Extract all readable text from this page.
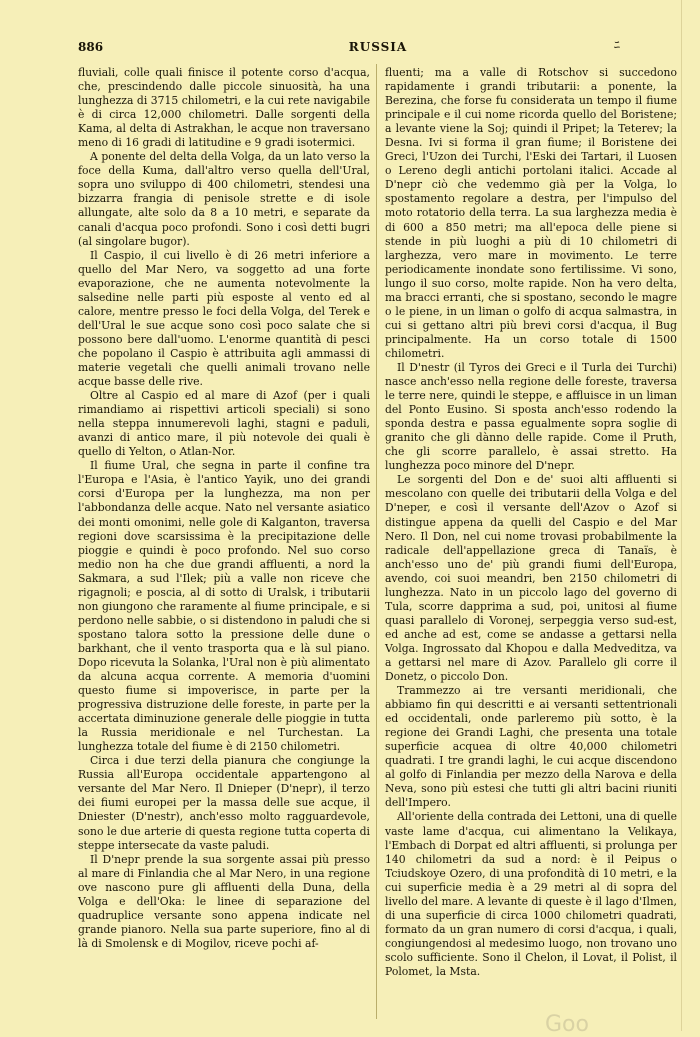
886	RUSSIA	ﾆ

fluviali, colle quali finisce il potente corso d'acqua, che, prescindendo dalle piccole sinuosità, ha una lunghezza di 3715 chilometri, e la cui rete navigabile è di circa 12,000 chilometri. Dalle sorgenti della Kama, al delta di Astrakhan, le acque non traversano meno di 16 gradi di latitudine e 9 gradi isotermici.

A ponente del delta della Volga, da un lato verso la foce della Kuma, dall'altro verso quella dell'Ural, sopra uno sviluppo di 400 chilometri, stendesi una bizzarra frangia di penisole strette e di isole allungate, alte solo da 8 a 10 metri, e separate da canali d'acqua poco profondi. Sono i così detti bugri (al singolare bugor).

Il Caspio, il cui livello è di 26 metri inferiore a quello del Mar Nero, va soggetto ad una forte evaporazione, che ne aumenta notevolmente la salsedine nelle parti più esposte al vento ed al calore, mentre presso le foci della Volga, del Terek e dell'Ural le sue acque sono così poco salate che si possono bere dall'uomo. L'enorme quantità di pesci che popolano il Caspio è attribuita agli ammassi di materie vegetali che quelli animali trovano nelle acque basse delle rive.

Oltre al Caspio ed al mare di Azof (per i quali rimandiamo ai rispettivi articoli speciali) si sono nella steppa innumerevoli laghi, stagni e paduli, avanzi di antico mare, il più notevole dei quali è quello di Yelton, o Atlan-Nor.

Il fiume Ural, che segna in parte il confine tra l'Europa e l'Asia, è l'antico Yayik, uno dei grandi corsi d'Europa per la lunghezza, ma non per l'abbondanza delle acque. Nato nel versante asiatico dei monti omonimi, nelle gole di Kalganton, traversa regioni dove scarsissima è la precipitazione delle pioggie e quindi è poco profondo. Nel suo corso medio non ha che due grandi affluenti, a nord la Sakmara, a sud l'Ilek; più a valle non riceve che rigagnoli; e poscia, al di sotto di Uralsk, i tributarii non giungono che raramente al fiume principale, e si perdono nelle sabbie, o si distendono in paludi che si spostano talora sotto la pressione delle dune o barkhant, che il vento trasporta qua e là sul piano. Dopo ricevuta la Solanka, l'Ural non è più alimentato da alcuna acqua corrente. A memoria d'uomini questo fiume si impoverisce, in parte per la progressiva distruzione delle foreste, in parte per la accertata diminuzione generale delle pioggie in tutta la Russia meridionale e nel Turchestan. La lunghezza totale del fiume è di 2150 chilometri.

Circa i due terzi della pianura che congiunge la Russia all'Europa occidentale appartengono al versante del Mar Nero. Il Dnieper (D'nepr), il terzo dei fiumi europei per la massa delle sue acque, il Dniester (D'nestr), anch'esso molto ragguardevole, sono le due arterie di questa regione tutta coperta di steppe intersecate da vaste paludi.

Il D'nepr prende la sua sorgente assai più presso al mare di Finlandia che al Mar Nero, in una regione ove nascono pure gli affluenti della Duna, della Volga e dell'Oka: le linee di separazione del quadruplice versante sono appena indicate nel grande pianoro. Nella sua parte superiore, fino al di là di Smolensk e di Mogilov, riceve pochi af-

fluenti; ma a valle di Rotschov si succedono rapidamente i grandi tributarii: a ponente, la Berezina, che forse fu considerata un tempo il fiume principale e il cui nome ricorda quello del Boristene; a levante viene la Soj; quindi il Pripet; la Teterev; la Desna. Ivi si forma il gran fiume; il Boristene dei Greci, l'Uzon dei Turchi, l'Eski dei Tartari, il Luosen o Lereno degli antichi portolani italici. Accade al D'nepr ciò che vedemmo già per la Volga, lo spostamento regolare a destra, per l'impulso del moto rotatorio della terra. La sua larghezza media è di 600 a 850 metri; ma all'epoca delle piene si stende in più luoghi a più di 10 chilometri di larghezza, vero mare in movimento. Le terre periodicamente inondate sono fertilissime. Vi sono, lungo il suo corso, molte rapide. Non ha vero delta, ma bracci erranti, che si spostano, secondo le magre o le piene, in un liman o golfo di acqua salmastra, in cui si gettano altri più brevi corsi d'acqua, il Bug principalmente. Ha un corso totale di 1500 chilometri.

Il D'nestr (il Tyros dei Greci e il Turla dei Turchi) nasce anch'esso nella regione delle foreste, traversa le terre nere, quindi le steppe, e affluisce in un liman del Ponto Eusino. Si sposta anch'esso rodendo la sponda destra e passa egualmente sopra soglie di granito che gli dànno delle rapide. Come il Pruth, che gli scorre parallelo, è assai stretto. Ha lunghezza poco minore del D'nepr.

Le sorgenti del Don e de' suoi alti affluenti si mescolano con quelle dei tributarii della Volga e del D'neper, e così il versante dell'Azov o Azof si distingue appena da quelli del Caspio e del Mar Nero. Il Don, nel cui nome trovasi probabilmente la radicale dell'appellazione greca di Tanaïs, è anch'esso uno de' più grandi fiumi dell'Europa, avendo, coi suoi meandri, ben 2150 chilometri di lunghezza. Nato in un piccolo lago del governo di Tula, scorre dapprima a sud, poi, unitosi al fiume quasi parallelo di Voronej, serpeggia verso sud-est, ed anche ad est, come se andasse a gettarsi nella Volga. Ingrossato dal Khopou e dalla Medveditza, va a gettarsi nel mare di Azov. Parallelo gli corre il Donetz, o piccolo Don.

Trammezzo ai tre versanti meridionali, che abbiamo fin qui descritti e ai versanti settentrionali ed occidentali, onde parleremo più sotto, è la regione dei Grandi Laghi, che presenta una totale superficie acquea di oltre 40,000 chilometri quadrati. I tre grandi laghi, le cui acque discendono al golfo di Finlandia per mezzo della Narova e della Neva, sono più estesi che tutti gli altri bacini riuniti dell'Impero.

All'oriente della contrada dei Lettoni, una di quelle vaste lame d'acqua, cui alimentano la Velikaya, l'Embach di Dorpat ed altri affluenti, si prolunga per 140 chilometri da sud a nord: è il Peipus o Tciudskoye Ozero, di una profondità di 10 metri, e la cui superficie media è a 29 metri al di sopra del livello del mare. A levante di queste è il lago d'Ilmen, di una superficie di circa 1000 chilometri quadrati, formato da un gran numero di corsi d'acqua, i quali, congiungendosi al medesimo luogo, non trovano uno scolo sufficiente. Sono il Chelon, il Lovat, il Polist, il Polomet, la Msta.

Goo
